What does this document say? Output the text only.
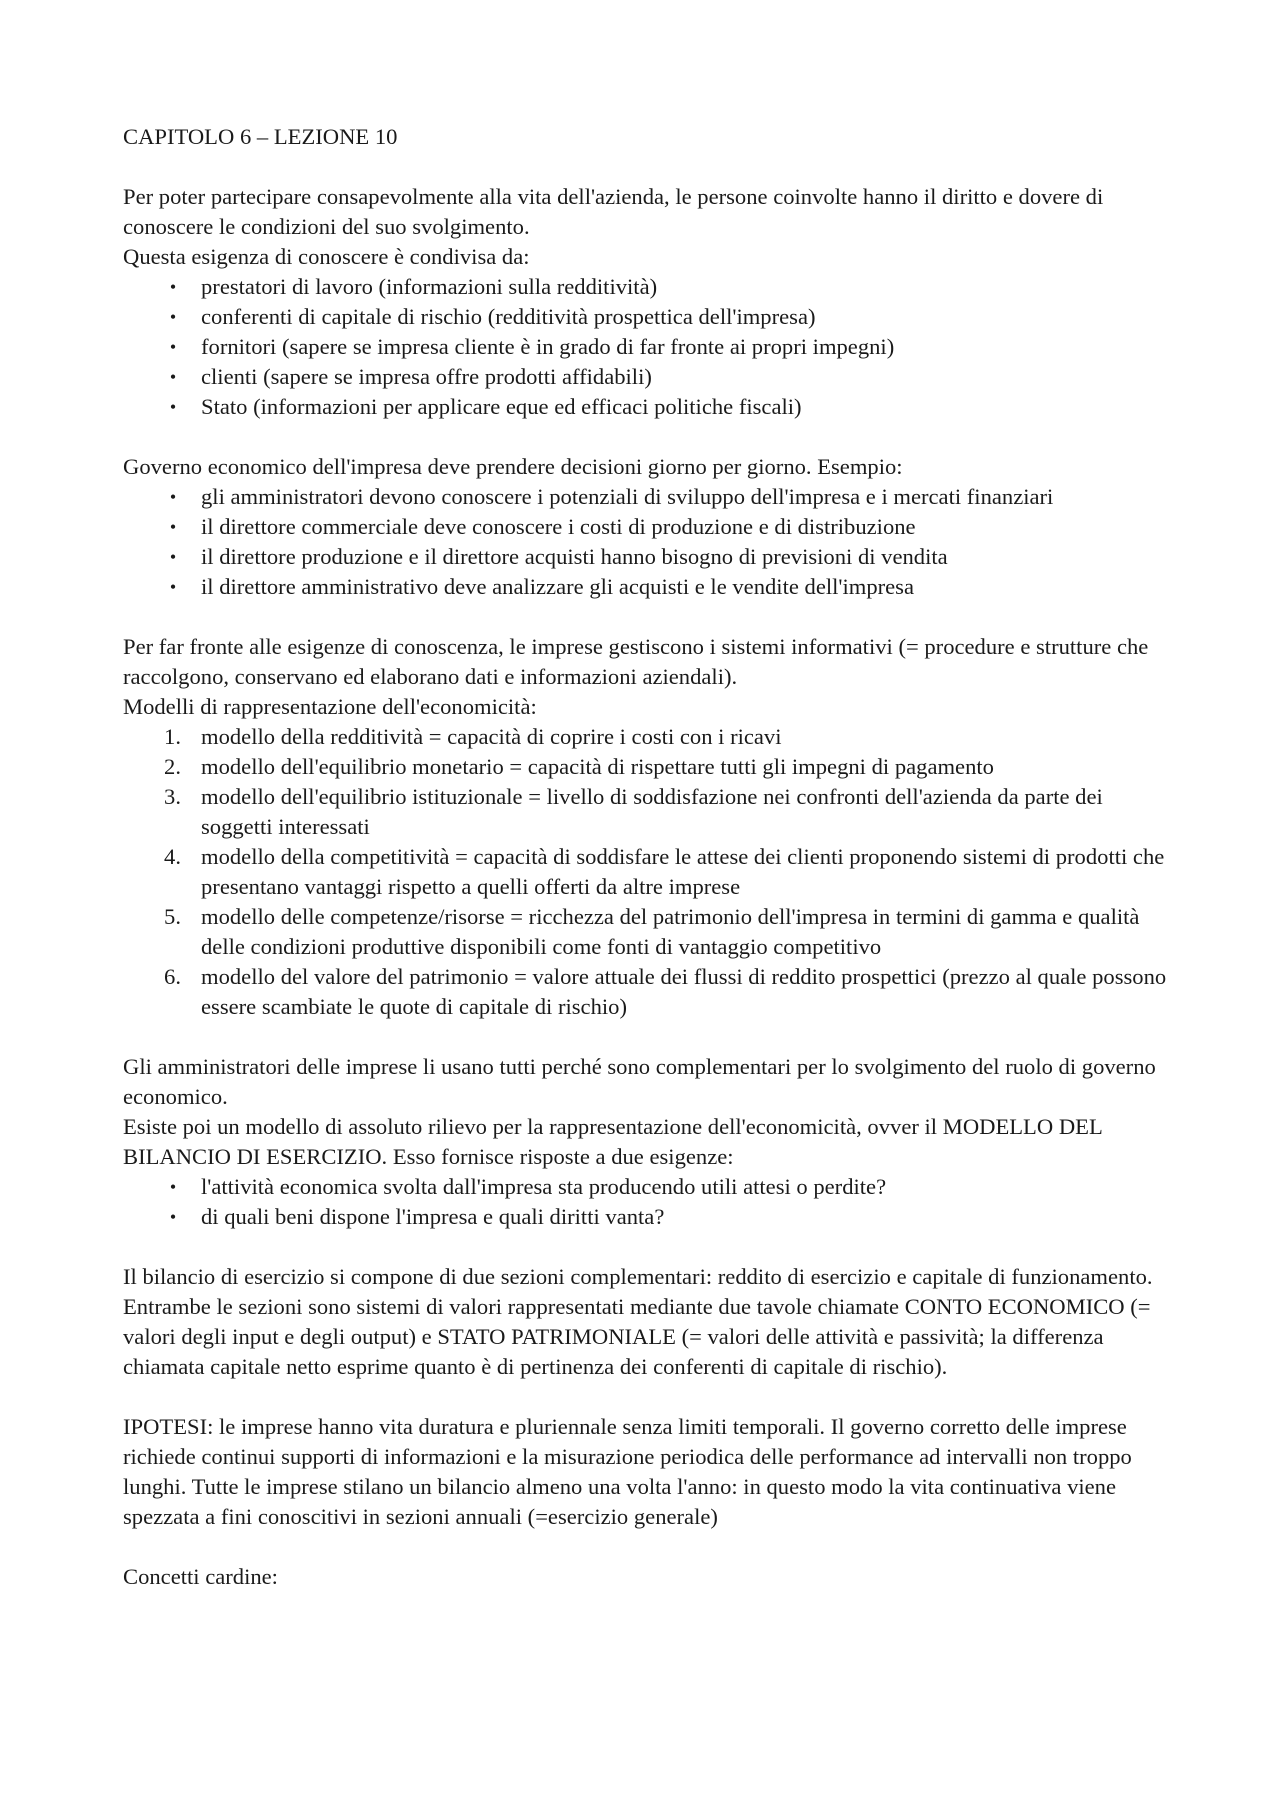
CAPITOLO 6 – LEZIONE 10

Per poter partecipare consapevolmente alla vita dell'azienda, le persone coinvolte hanno il diritto e dovere di conoscere le condizioni del suo svolgimento.

Questa esigenza di conoscere è condivisa da:

•	prestatori di lavoro (informazioni sulla redditività)
•	conferenti di capitale di rischio (redditività prospettica dell'impresa)
•	fornitori (sapere se impresa cliente è in grado di far fronte ai propri impegni)
•	clienti (sapere se impresa offre prodotti affidabili)
•	Stato (informazioni per applicare eque ed efficaci politiche fiscali)

Governo economico dell'impresa deve prendere decisioni giorno per giorno. Esempio:

•	gli amministratori devono conoscere i potenziali di sviluppo dell'impresa e i mercati finanziari
•	il direttore commerciale deve conoscere i costi di produzione e di distribuzione
•	il direttore produzione e il direttore acquisti hanno bisogno di previsioni di vendita
•	il direttore amministrativo deve analizzare gli acquisti e le vendite dell'impresa

Per far fronte alle esigenze di conoscenza, le imprese gestiscono i sistemi informativi (= procedure e strutture che raccolgono, conservano ed elaborano dati e informazioni aziendali).

Modelli di rappresentazione dell'economicità:

1. modello della redditività = capacità di coprire i costi con i ricavi
2. modello dell'equilibrio monetario = capacità di rispettare tutti gli impegni di pagamento
3. modello dell'equilibrio istituzionale = livello di soddisfazione nei confronti dell'azienda da parte dei soggetti interessati
4. modello della competitività = capacità di soddisfare le attese dei clienti proponendo sistemi di prodotti che presentano vantaggi rispetto a quelli offerti da altre imprese
5. modello delle competenze/risorse = ricchezza del patrimonio dell'impresa in termini di gamma e qualità delle condizioni produttive disponibili come fonti di vantaggio competitivo
6. modello del valore del patrimonio = valore attuale dei flussi di reddito prospettici (prezzo al quale possono essere scambiate le quote di capitale di rischio)

Gli amministratori delle imprese li usano tutti perché sono complementari per lo svolgimento del ruolo di governo economico.

Esiste poi un modello di assoluto rilievo per la rappresentazione dell'economicità, ovver il MODELLO DEL BILANCIO DI ESERCIZIO. Esso fornisce risposte a due esigenze:

•	l'attività economica svolta dall'impresa sta producendo utili attesi o perdite?
•	di quali beni dispone l'impresa e quali diritti vanta?

Il bilancio di esercizio si compone di due sezioni complementari: reddito di esercizio e capitale di funzionamento. Entrambe le sezioni sono sistemi di valori rappresentati mediante due tavole chiamate CONTO ECONOMICO (= valori degli input e degli output) e STATO PATRIMONIALE (= valori delle attività e passività; la differenza chiamata capitale netto esprime quanto è di pertinenza dei conferenti di capitale di rischio).

IPOTESI: le imprese hanno vita duratura e pluriennale senza limiti temporali. Il governo corretto delle imprese richiede continui supporti di informazioni e la misurazione periodica delle performance ad intervalli non troppo lunghi. Tutte le imprese stilano un bilancio almeno una volta l'anno: in questo modo la vita continuativa viene spezzata a fini conoscitivi in sezioni annuali (=esercizio generale)

Concetti cardine:
